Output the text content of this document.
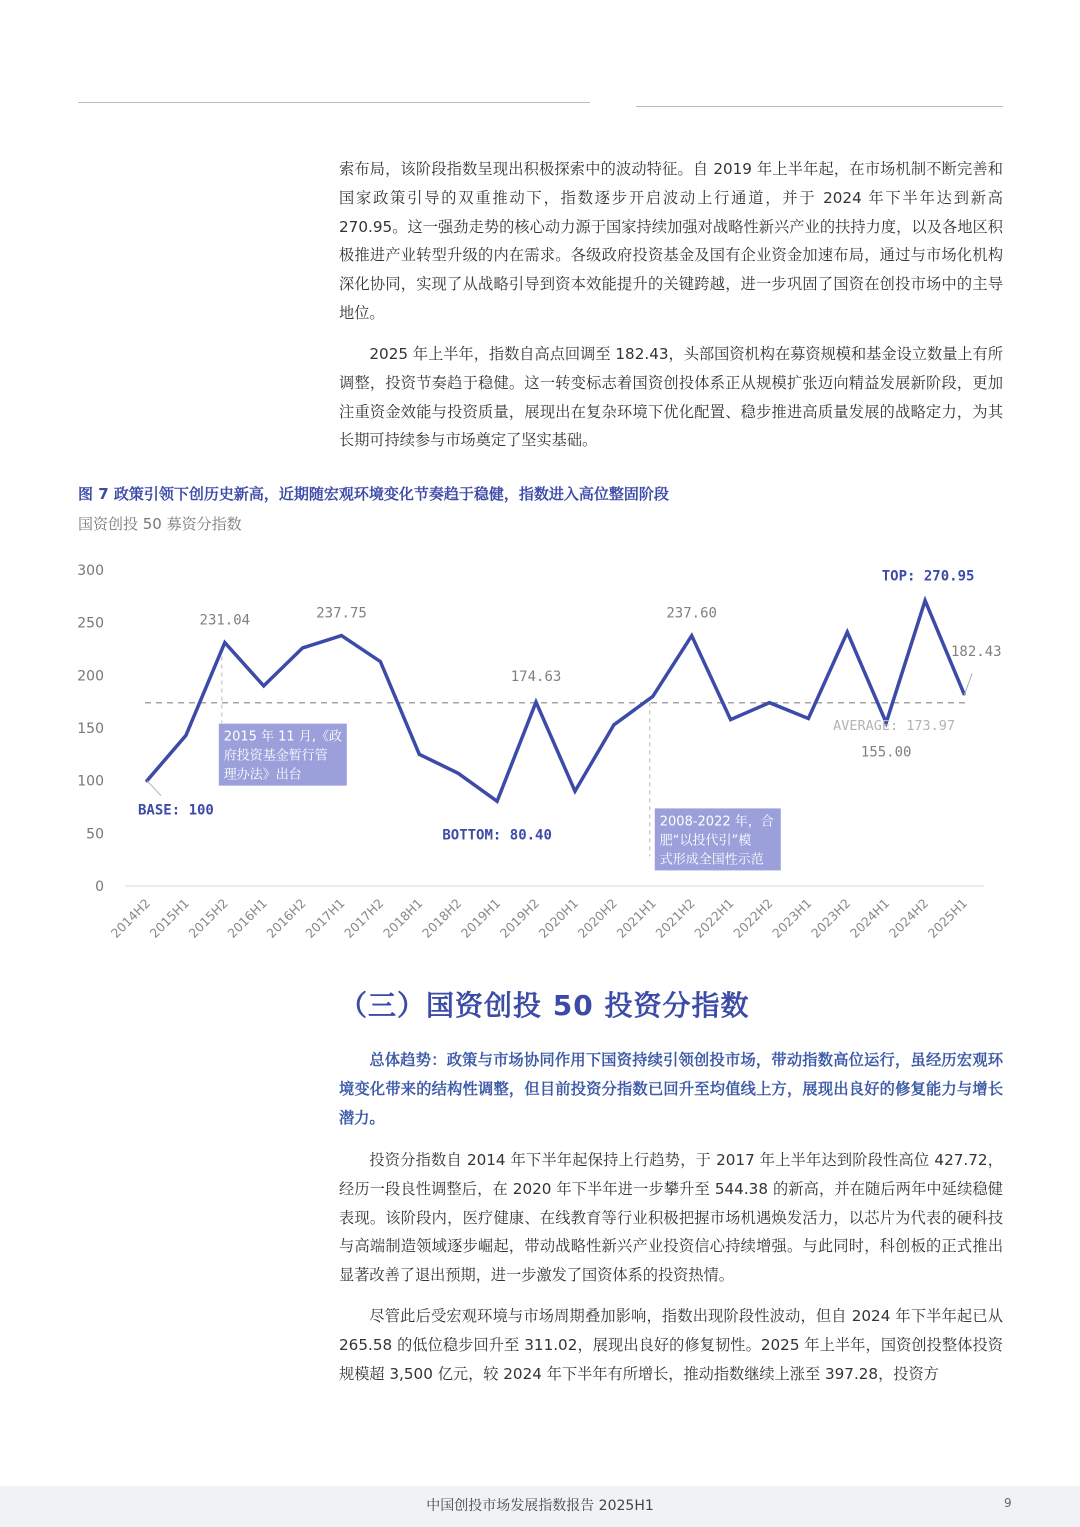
索布局，该阶段指数呈现出积极探索中的波动特征。自 2019 年上半年起，在市场机制不断完善和国家政策引导的双重推动下，指数逐步开启波动上行通道，并于 2024 年下半年达到新高 270.95。这一强劲走势的核心动力源于国家持续加强对战略性新兴产业的扶持力度，以及各地区积极推进产业转型升级的内在需求。各级政府投资基金及国有企业资金加速布局，通过与市场化机构深化协同，实现了从战略引导到资本效能提升的关键跨越，进一步巩固了国资在创投市场中的主导地位。

2025 年上半年，指数自高点回调至 182.43，头部国资机构在募资规模和基金设立数量上有所调整，投资节奏趋于稳健。这一转变标志着国资创投体系正从规模扩张迈向精益发展新阶段，更加注重资金效能与投资质量，展现出在复杂环境下优化配置、稳步推进高质量发展的战略定力，为其长期可持续参与市场奠定了坚实基础。

图 7 政策引领下创历史新高，近期随宏观环境变化节奏趋于稳健，指数进入高位整固阶段
国资创投 50 募资分指数
0
50
100
150
200
250
300
2014H2
2015H1
2015H2
2016H1
2016H2
2017H1
2017H2
2018H1
2018H2
2019H1
2019H2
2020H1
2020H2
2021H1
2021H2
2022H1
2022H2
2023H1
2023H2
2024H1
2024H2
2025H1
2015 年 11 月,《政
府投资基金暂行管
理办法》出台
2008-2022 年，合
肥“以投代引”模
式形成全国性示范
BASE: 100
231.04	237.75
BOTTOM: 80.40
174.63
237.60
155.00
TOP: 270.95
182.43
AVERAGE: 173.97
（三）国资创投 50 投资分指数

总体趋势：政策与市场协同作用下国资持续引领创投市场，带动指数高位运行，虽经历宏观环境变化带来的结构性调整，但目前投资分指数已回升至均值线上方，展现出良好的修复能力与增长潜力。

投资分指数自 2014 年下半年起保持上行趋势，于 2017 年上半年达到阶段性高位 427.72，经历一段良性调整后，在 2020 年下半年进一步攀升至 544.38 的新高，并在随后两年中延续稳健表现。该阶段内，医疗健康、在线教育等行业积极把握市场机遇焕发活力，以芯片为代表的硬科技与高端制造领域逐步崛起，带动战略性新兴产业投资信心持续增强。与此同时，科创板的正式推出显著改善了退出预期，进一步激发了国资体系的投资热情。

尽管此后受宏观环境与市场周期叠加影响，指数出现阶段性波动，但自 2024 年下半年起已从 265.58 的低位稳步回升至 311.02，展现出良好的修复韧性。2025 年上半年，国资创投整体投资规模超 3,500 亿元，较 2024 年下半年有所增长，推动指数继续上涨至 397.28，投资方

中国创投市场发展指数报告 2025H1	9
